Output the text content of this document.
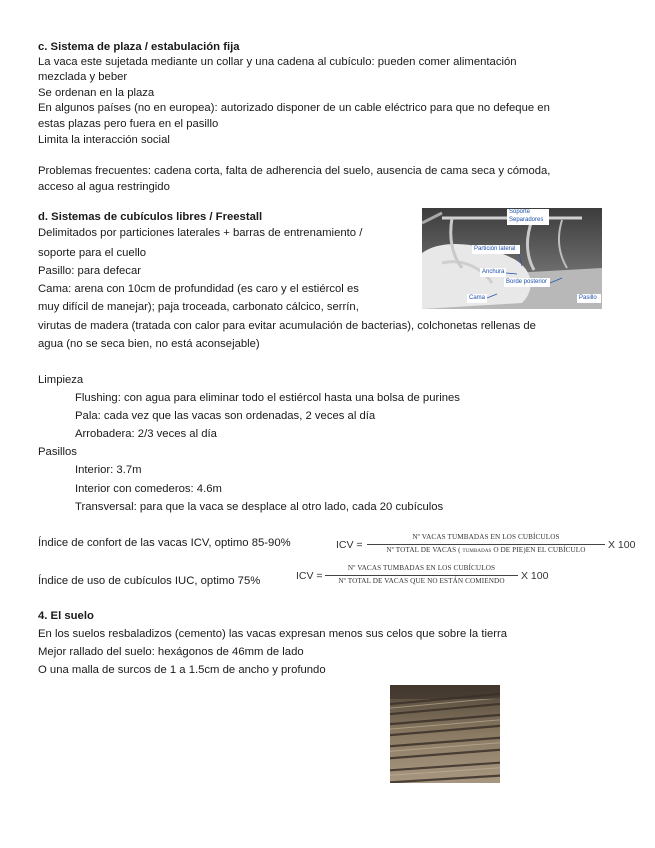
c. Sistema de plaza / estabulación fija
La vaca este sujetada mediante un collar y una cadena al cubículo: pueden comer alimentación
mezclada y beber
Se ordenan en la plaza
En algunos países (no en europea): autorizado disponer de un cable eléctrico para que no defeque en
estas plazas pero fuera en el pasillo
Limita la interacción social
Problemas frecuentes: cadena corta, falta de adherencia del suelo, ausencia de cama seca y cómoda,
acceso al agua restringido
d. Sistemas de cubículos libres / Freestall
Delimitados por particiones laterales + barras de entrenamiento /
soporte para el cuello
Pasillo: para defecar
Cama: arena con 10cm de profundidad (es caro y el estiércol es
muy difícil de manejar); paja troceada, carbonato cálcico, serrín,
virutas de madera (tratada con calor para evitar acumulación de bacterias), colchonetas rellenas de
agua (no se seca bien, no está aconsejable)
Soporte
Separadores
Partición lateral
Anchura
Borde posterior
Cama	Pasillo
Limpieza
Flushing: con agua para eliminar todo el estiércol hasta una bolsa de purines
Pala: cada vez que las vacas son ordenadas, 2 veces al día
Arrobadera: 2/3 veces al día
Pasillos
Interior: 3.7m
Interior con comederos: 4.6m
Transversal: para que la vaca se desplace al otro lado, cada 20 cubículos
Índice de confort de las vacas ICV, optimo 85-90%	ICV =
Nº VACAS TUMBADAS EN LOS CUBÍCULOS
Nº TOTAL DE VACAS ( TUMBADAS O DE PIE)EN EL CUBÍCULO	X 100
Índice de uso de cubículos IUC, optimo 75%	ICV =
Nº VACAS TUMBADAS EN LOS CUBÍCULOS
Nº TOTAL DE VACAS QUE NO ESTÁN COMIENDO	X 100
4. El suelo
En los suelos resbaladizos (cemento) las vacas expresan menos sus celos que sobre la tierra
Mejor rallado del suelo: hexágonos de 46mm de lado
O una malla de surcos de 1 a 1.5cm de ancho y profundo
